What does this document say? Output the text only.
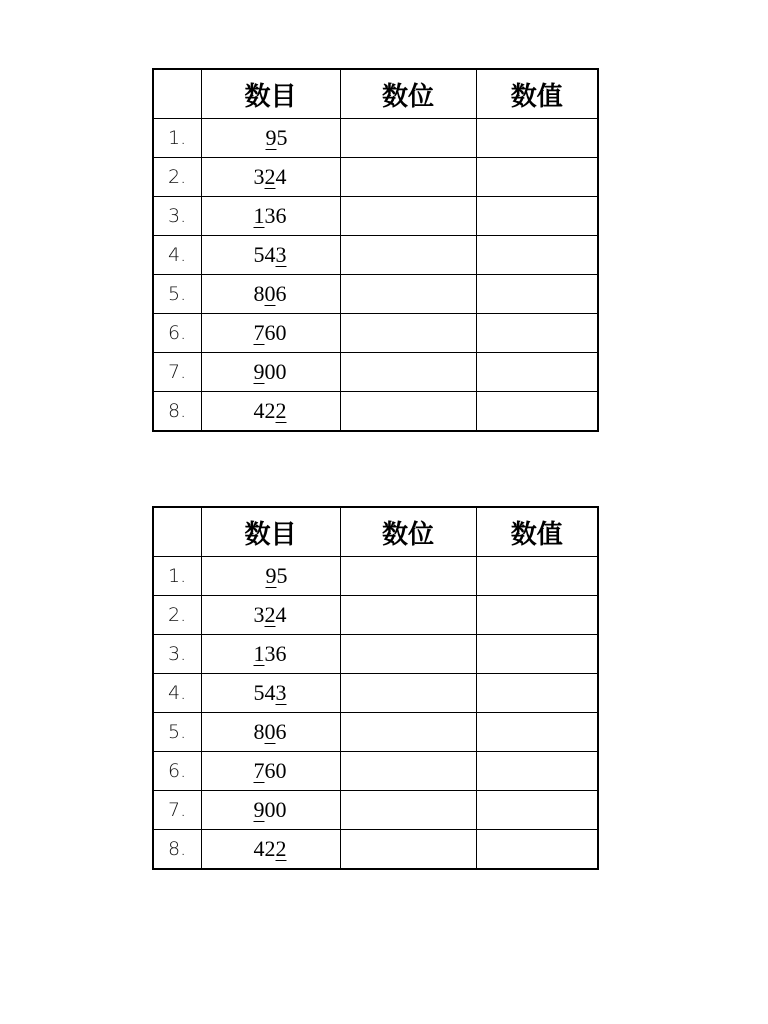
	数目	数位	数值
1.	95		
2.	324		
3.	136		
4.	543		
5.	806		
6.	760		
7.	900		
8.	422		
	数目	数位	数值
1.	95		
2.	324		
3.	136		
4.	543		
5.	806		
6.	760		
7.	900		
8.	422		
